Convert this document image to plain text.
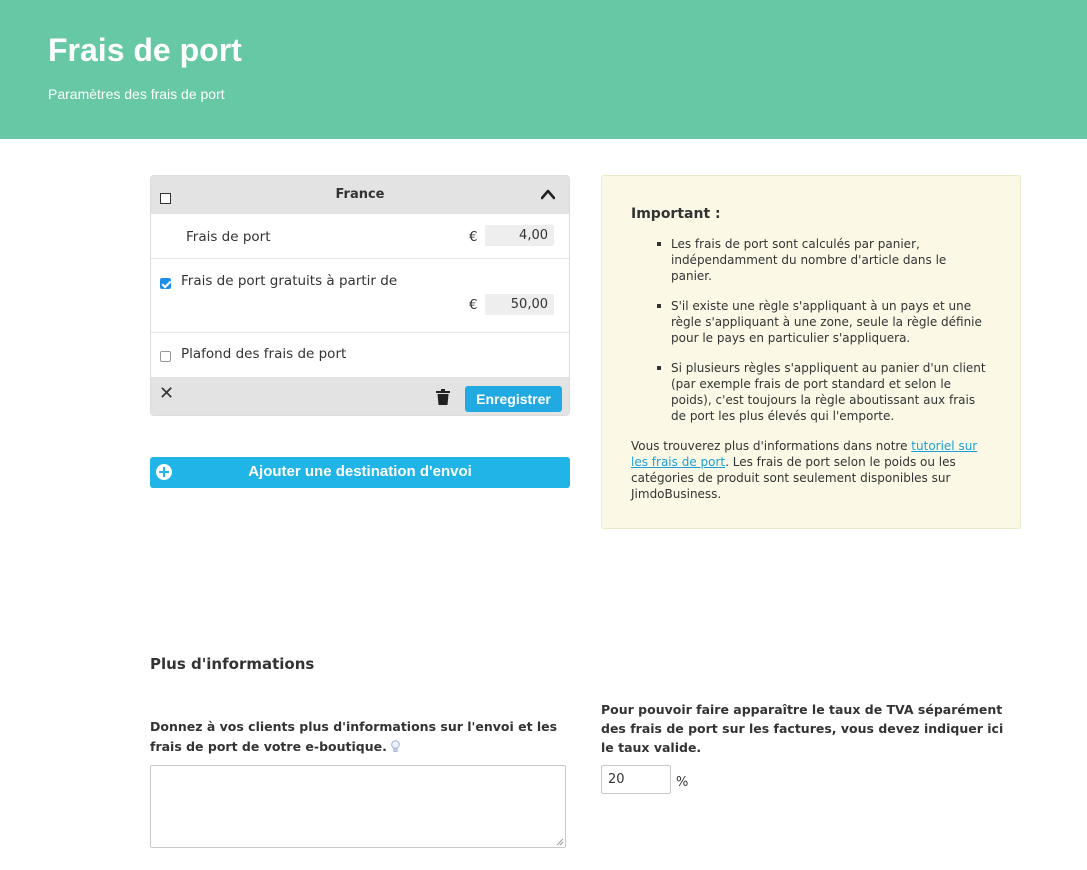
Frais de port

Paramètres des frais de port

France
Frais de port	€	4,00
Frais de port gratuits à partir de
€	50,00
Plafond des frais de port
✕	Enregistrer
Ajouter une destination d'envoi
Important :
Les frais de port sont calculés par panier, indépendamment du nombre d'article dans le panier.
S'il existe une règle s'appliquant à un pays et une règle s'appliquant à une zone, seule la règle définie pour le pays en particulier s'appliquera.
Si plusieurs règles s'appliquent au panier d'un client (par exemple frais de port standard et selon le poids), c'est toujours la règle aboutissant aux frais de port les plus élevés qui l'emporte.
Vous trouverez plus d'informations dans notre tutoriel sur les frais de port. Les frais de port selon le poids ou les catégories de produit sont seulement disponibles sur JimdoBusiness.
Plus d'informations
Donnez à vos clients plus d'informations sur l'envoi et les frais de port de votre e-boutique.
Pour pouvoir faire apparaître le taux de TVA séparément des frais de port sur les factures, vous devez indiquer ici le taux valide.
20	%
